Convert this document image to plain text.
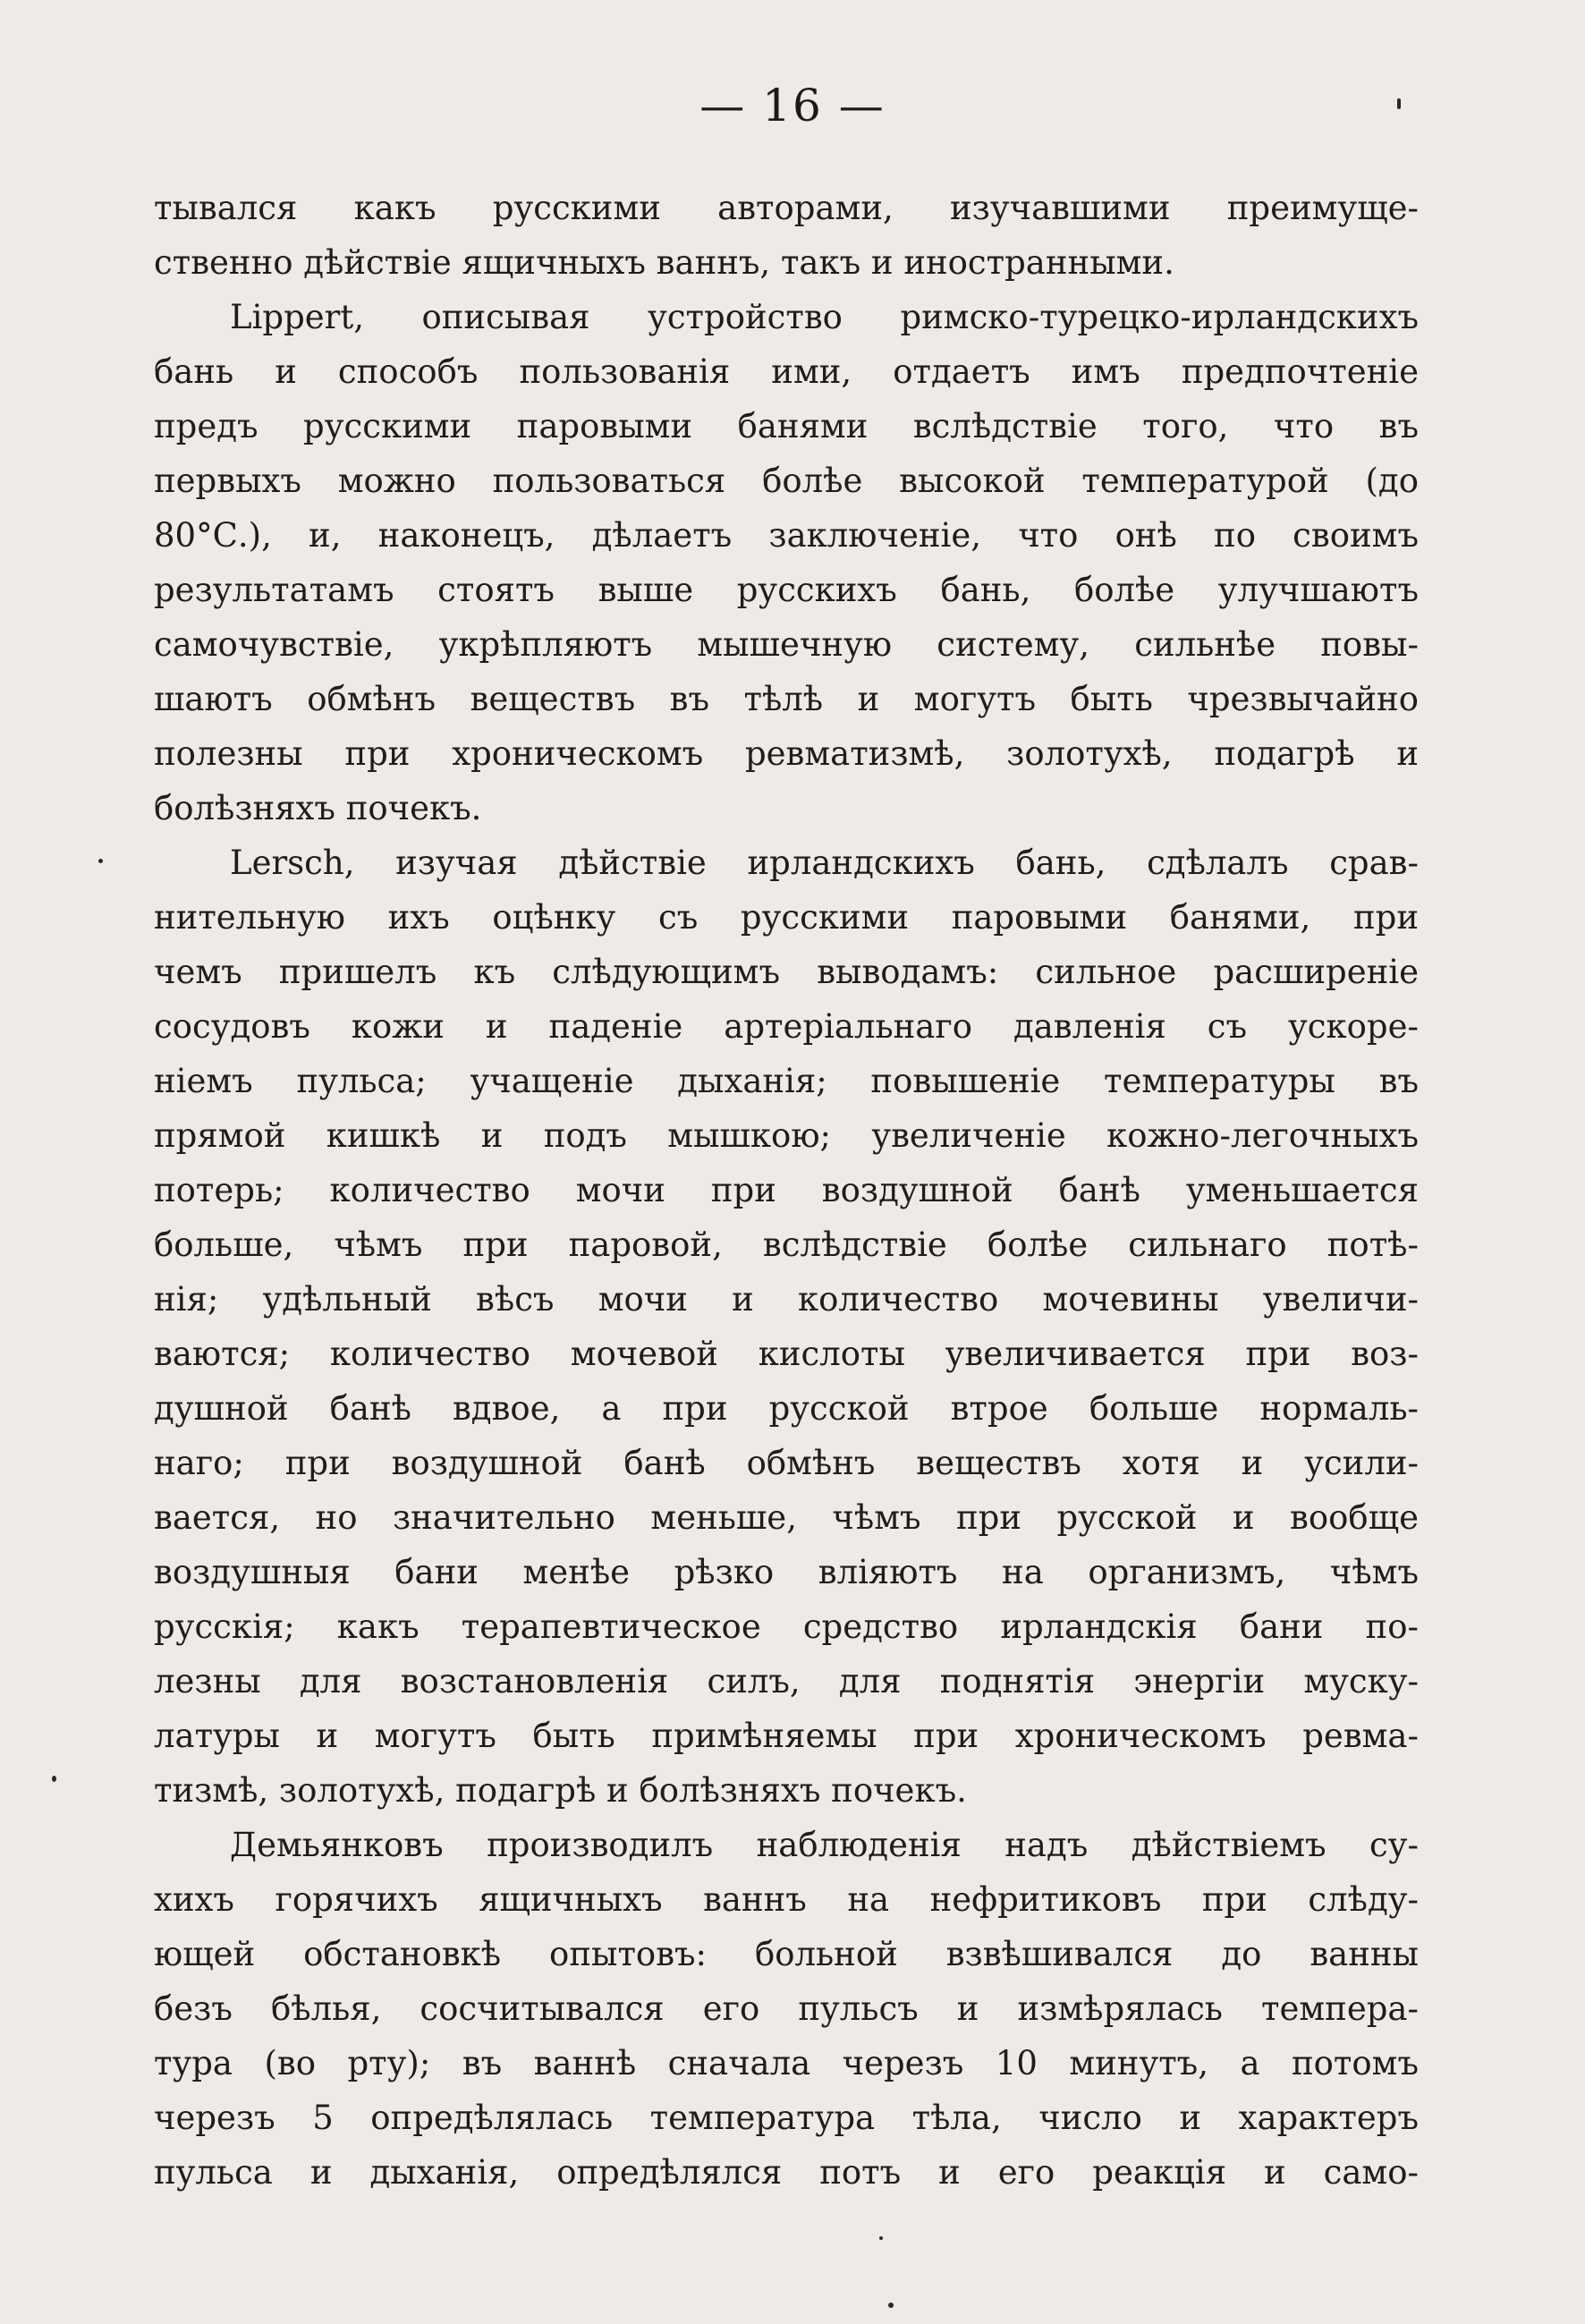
— 16 —
тывался какъ русскими авторами, изучавшими преимуще-
ственно дѣйствіе ящичныхъ ваннъ, такъ и иностранными.
Lippert, описывая устройство римско-турецко-ирландскихъ
бань и способъ пользованія ими, отдаетъ имъ предпочтеніе
предъ русскими паровыми банями вслѣдствіе того, что въ
первыхъ можно пользоваться болѣе высокой температурой (до
80°С.), и, наконецъ, дѣлаетъ заключеніе, что онѣ по своимъ
результатамъ стоятъ выше русскихъ бань, болѣе улучшаютъ
самочувствіе, укрѣпляютъ мышечную систему, сильнѣе повы-
шаютъ обмѣнъ веществъ въ тѣлѣ и могутъ быть чрезвычайно
полезны при хроническомъ ревматизмѣ, золотухѣ, подагрѣ и
болѣзняхъ почекъ.
Lersch, изучая дѣйствіе ирландскихъ бань, сдѣлалъ срав-
нительную ихъ оцѣнку съ русскими паровыми банями, при
чемъ пришелъ къ слѣдующимъ выводамъ: сильное расширеніе
сосудовъ кожи и паденіе артеріальнаго давленія съ ускоре-
ніемъ пульса; учащеніе дыханія; повышеніе температуры въ
прямой кишкѣ и подъ мышкою; увеличеніе кожно-легочныхъ
потерь; количество мочи при воздушной банѣ уменьшается
больше, чѣмъ при паровой, вслѣдствіе болѣе сильнаго потѣ-
нія; удѣльный вѣсъ мочи и количество мочевины увеличи-
ваются; количество мочевой кислоты увеличивается при воз-
душной банѣ вдвое, а при русской втрое больше нормаль-
наго; при воздушной банѣ обмѣнъ веществъ хотя и усили-
вается, но значительно меньше, чѣмъ при русской и вообще
воздушныя бани менѣе рѣзко вліяютъ на организмъ, чѣмъ
русскія; какъ терапевтическое средство ирландскія бани по-
лезны для возстановленія силъ, для поднятія энергіи муску-
латуры и могутъ быть примѣняемы при хроническомъ ревма-
тизмѣ, золотухѣ, подагрѣ и болѣзняхъ почекъ.
Демьянковъ производилъ наблюденія надъ дѣйствіемъ су-
хихъ горячихъ ящичныхъ ваннъ на нефритиковъ при слѣду-
ющей обстановкѣ опытовъ: больной взвѣшивался до ванны
безъ бѣлья, сосчитывался его пульсъ и измѣрялась темпера-
тура (во рту); въ ваннѣ сначала черезъ 10 минутъ, а потомъ
черезъ 5 опредѣлялась температура тѣла, число и характеръ
пульса и дыханія, опредѣлялся потъ и его реакція и само-
